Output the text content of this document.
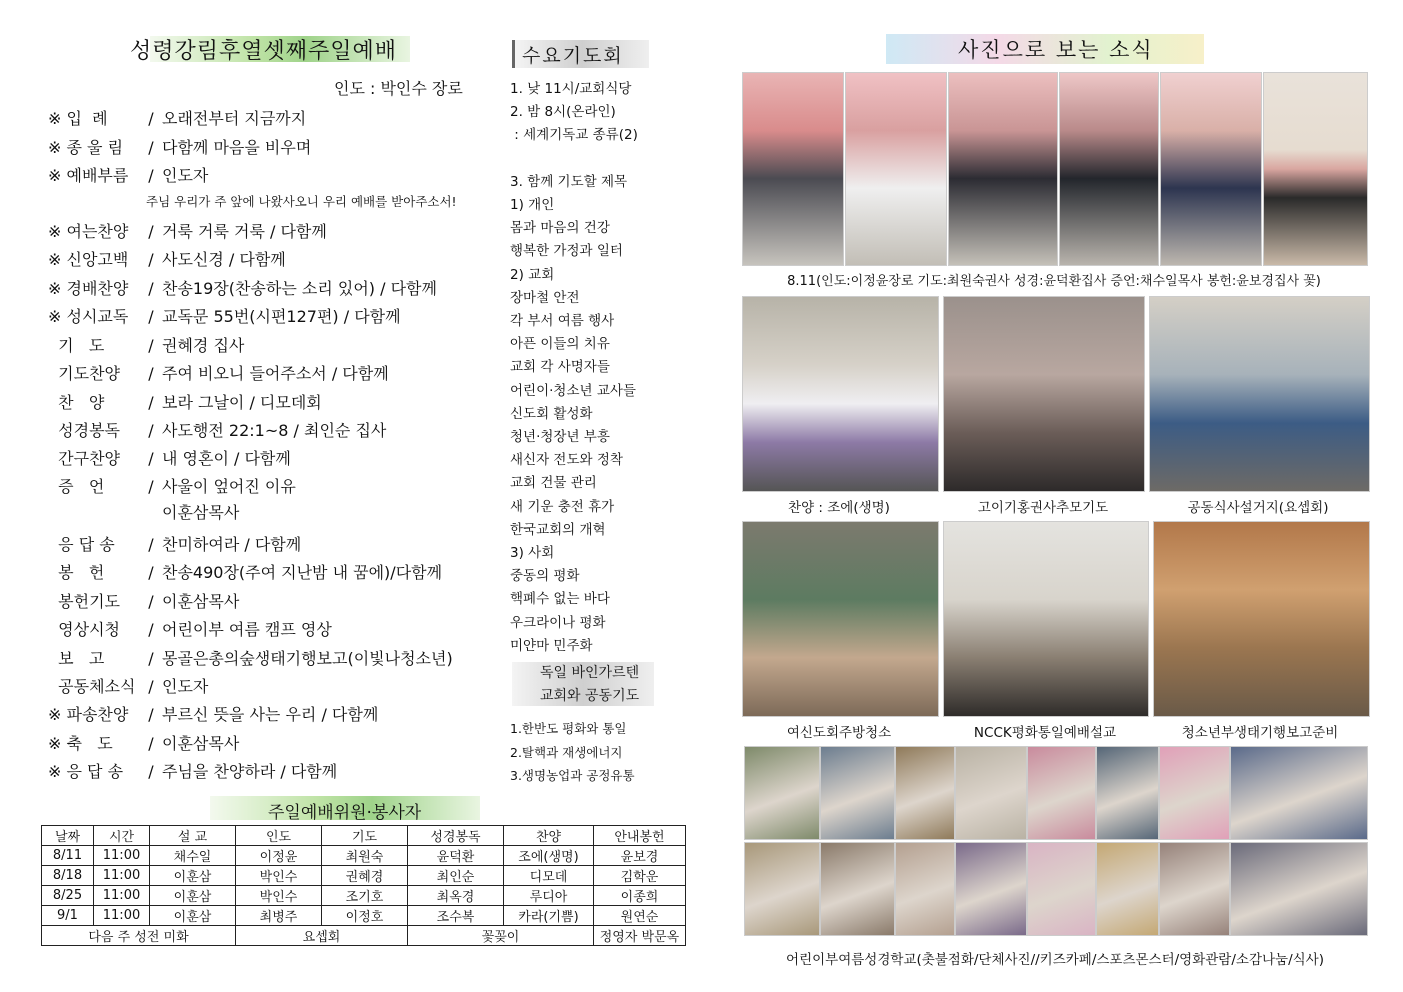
성령강림후열셋째주일예배
인도 : 박인수 장로
※ 입  례	/ 오래전부터 지금까지
※ 종 울 림 / 다함께 마음을 비우며
※ 예배부름 / 인도자
※ 여는찬양 / 거룩 거룩 거룩 / 다함께
※ 신앙고백 / 사도신경 / 다함께
※ 경배찬양 / 찬송19장(찬송하는 소리 있어) / 다함께
※ 성시교독 / 교독문 55번(시편127편) / 다함께
기   도	/ 권혜경 집사
기도찬양 / 주여 비오니 들어주소서 / 다함께
찬   양	/ 보라 그날이 / 디모데회
성경봉독 / 사도행전 22:1~8 / 최인순 집사
간구찬양 / 내 영혼이 / 다함께
증   언	/ 사울이 엎어진 이유
응 답 송 / 찬미하여라 / 다함께
봉   헌	/ 찬송490장(주여 지난밤 내 꿈에)/다함께
봉헌기도 / 이훈삼목사
영상시청 / 어린이부 여름 캠프 영상
보   고	/ 몽골은총의숲생태기행보고(이빛나청소년)
공동체소식 / 인도자
※ 파송찬양 / 부르신 뜻을 사는 우리 / 다함께
※ 축   도 / 이훈삼목사
※ 응 답 송 / 주님을 찬양하라 / 다함께
주님 우리가 주 앞에 나왔사오니 우리 예배를 받아주소서!
이훈삼목사
주일예배위원·봉사자
날짜	시간	설 교	인도	기도	성경봉독	찬양	안내봉헌
8/11	11:00	채수일	이정윤	최원숙	윤덕환	조에(생명)	윤보경
8/18	11:00	이훈삼	박인수	권혜경	최인순	디모데	김학운
8/25	11:00	이훈삼	박인수	조기호	최옥경	루디아	이종희
9/1	11:00	이훈삼	최병주	이정호	조수복	카라(기쁨)	원연순
다음 주 성전 미화			요셉회		꽃꽂이		정영자 박문옥
수요기도회
1. 낮 11시/교회식당
2. 밤 8시(온라인)
: 세계기독교 종류(2)
3. 함께 기도할 제목
1) 개인
몸과 마음의 건강
행복한 가정과 일터
2) 교회
장마철 안전
각 부서 여름 행사
아픈 이들의 치유
교회 각 사명자들
어린이·청소년 교사들
신도회 활성화
청년·청장년 부흥
새신자 전도와 정착
교회 건물 관리
새 기운 충전 휴가
한국교회의 개혁
3) 사회
중동의 평화
핵폐수 없는 바다
우크라이나 평화
미얀마 민주화
독일 바인가르텐
교회와 공동기도
1.한반도 평화와 통일
2.탈핵과 재생에너지
3.생명농업과 공정유통
사진으로 보는 소식
8.11(인도:이정윤장로 기도:최원숙권사 성경:윤덕환집사 증언:채수일목사 봉헌:윤보경집사 꽃)
찬양 : 조에(생명)	고이기홍권사추모기도	공동식사설거지(요셉회)
여신도회주방청소	NCCK평화통일예배설교	청소년부생태기행보고준비
어린이부여름성경학교(촛불점화/단체사진//키즈카페/스포츠몬스터/영화관람/소감나눔/식사)
